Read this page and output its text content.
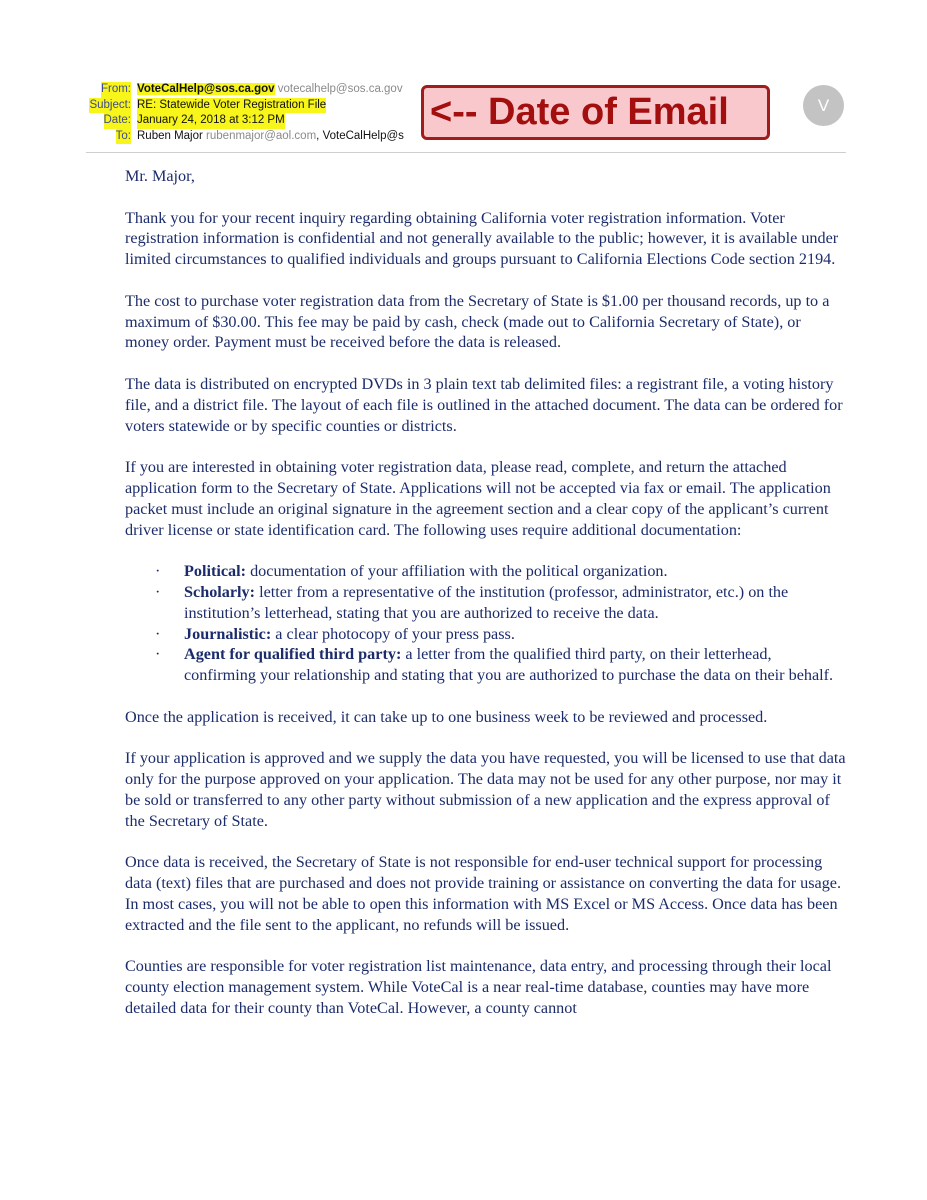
From: VoteCalHelp@sos.ca.gov votecalhelp@sos.ca.gov
Subject: RE: Statewide Voter Registration File
Date: January 24, 2018 at 3:12 PM
To: Ruben Major rubenmajor@aol.com, VoteCalHelp@s
<-- Date of Email	V

Mr. Major,

Thank you for your recent inquiry regarding obtaining California voter registration information. Voter registration information is confidential and not generally available to the public; however, it is available under limited circumstances to qualified individuals and groups pursuant to California Elections Code section 2194.

The cost to purchase voter registration data from the Secretary of State is $1.00 per thousand records, up to a maximum of $30.00. This fee may be paid by cash, check (made out to California Secretary of State), or money order. Payment must be received before the data is released.

The data is distributed on encrypted DVDs in 3 plain text tab delimited files: a registrant file, a voting history file, and a district file. The layout of each file is outlined in the attached document. The data can be ordered for voters statewide or by specific counties or districts.

If you are interested in obtaining voter registration data, please read, complete, and return the attached application form to the Secretary of State. Applications will not be accepted via fax or email. The application packet must include an original signature in the agreement section and a clear copy of the applicant’s current driver license or state identification card. The following uses require additional documentation:

· Political: documentation of your affiliation with the political organization.
· Scholarly: letter from a representative of the institution (professor, administrator, etc.) on the institution’s letterhead, stating that you are authorized to receive the data.
· Journalistic: a clear photocopy of your press pass.
· Agent for qualified third party: a letter from the qualified third party, on their letterhead, confirming your relationship and stating that you are authorized to purchase the data on their behalf.

Once the application is received, it can take up to one business week to be reviewed and processed.

If your application is approved and we supply the data you have requested, you will be licensed to use that data only for the purpose approved on your application. The data may not be used for any other purpose, nor may it be sold or transferred to any other party without submission of a new application and the express approval of the Secretary of State.

Once data is received, the Secretary of State is not responsible for end-user technical support for processing data (text) files that are purchased and does not provide training or assistance on converting the data for usage. In most cases, you will not be able to open this information with MS Excel or MS Access. Once data has been extracted and the file sent to the applicant, no refunds will be issued.

Counties are responsible for voter registration list maintenance, data entry, and processing through their local county election management system. While VoteCal is a near real-time database, counties may have more detailed data for their county than VoteCal. However, a county cannot
